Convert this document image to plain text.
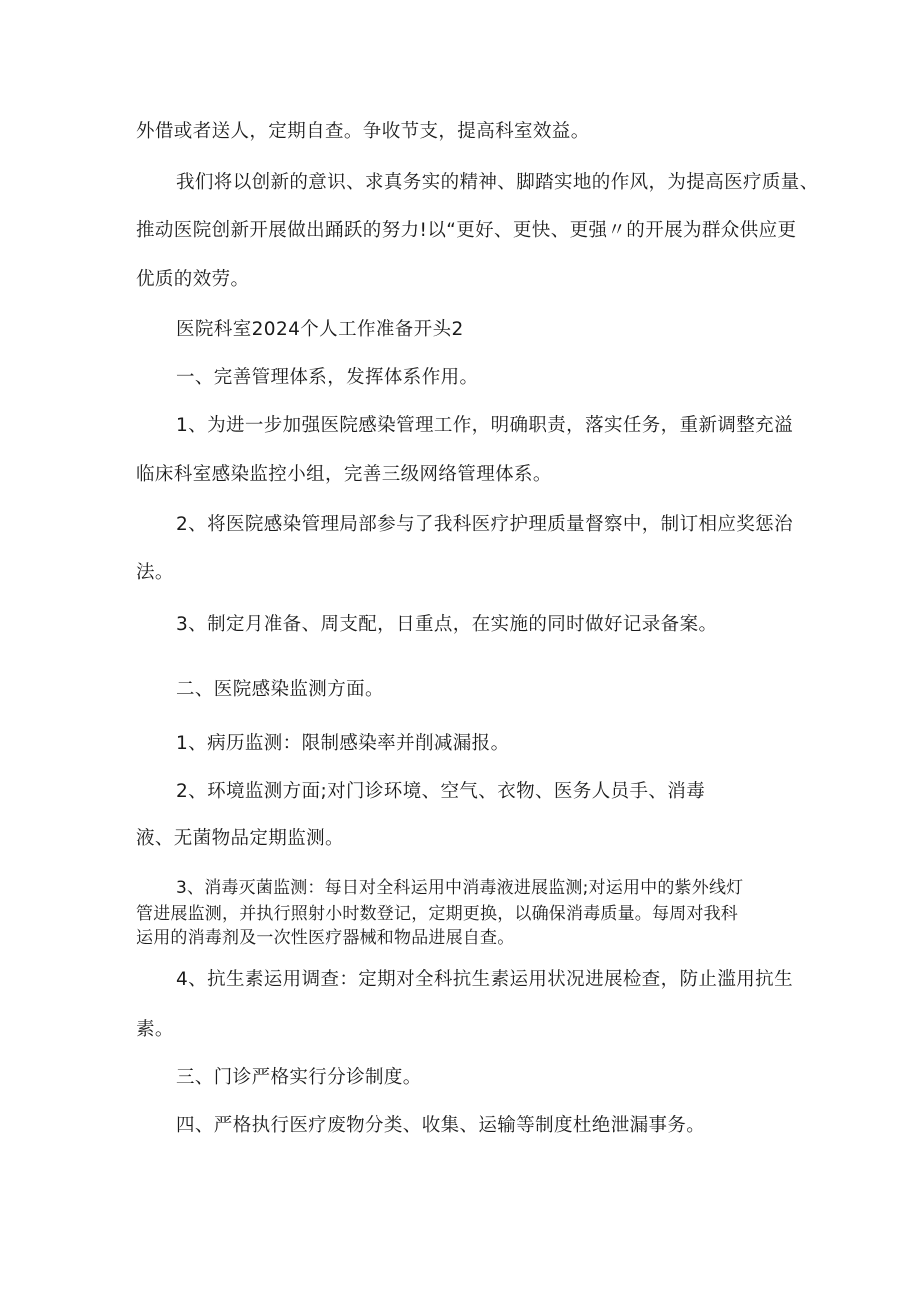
外借或者送人，定期自查。争收节支，提高科室效益。

我们将以创新的意识、求真务实的精神、脚踏实地的作风，为提高医疗质量、

推动医院创新开展做出踊跃的努力!以“更好、更快、更强〃的开展为群众供应更

优质的效劳。

医院科室2024个人工作准备开头2

一、完善管理体系，发挥体系作用。

1、为进一步加强医院感染管理工作，明确职责，落实任务，重新调整充溢

临床科室感染监控小组，完善三级网络管理体系。

2、将医院感染管理局部参与了我科医疗护理质量督察中，制订相应奖惩治

法。

3、制定月准备、周支配，日重点，在实施的同时做好记录备案。

二、医院感染监测方面。

1、病历监测：限制感染率并削减漏报。

2、环境监测方面;对门诊环境、空气、衣物、医务人员手、消毒

液、无菌物品定期监测。

3、消毒灭菌监测：每日对全科运用中消毒液进展监测;对运用中的紫外线灯

管进展监测，并执行照射小时数登记，定期更换，以确保消毒质量。每周对我科

运用的消毒剂及一次性医疗器械和物品进展自查。

4、抗生素运用调查：定期对全科抗生素运用状况进展检查，防止滥用抗生

素。

三、门诊严格实行分诊制度。

四、严格执行医疗废物分类、收集、运输等制度杜绝泄漏事务。
